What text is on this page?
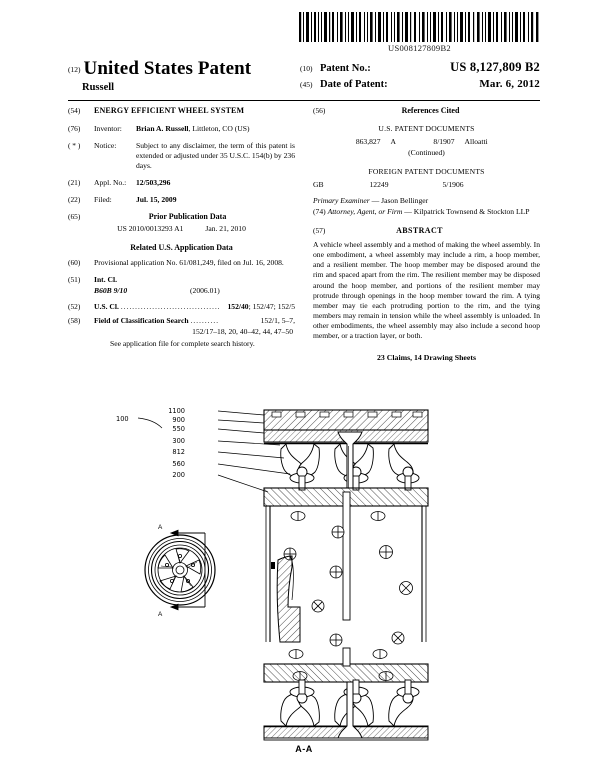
US008127809B2
(12) United States Patent
Russell
(10) Patent No.:	US 8,127,809 B2
(45) Date of Patent:	Mar. 6, 2012
(54)	ENERGY EFFICIENT WHEEL SYSTEM
(76)	Inventor:	Brian A. Russell, Littleton, CO (US)
( * )	Notice:	Subject to any disclaimer, the term of this patent is extended or adjusted under 35 U.S.C. 154(b) by 236 days.
(21)	Appl. No.:	12/503,296
(22)	Filed:	Jul. 15, 2009
(65)	Prior Publication Data
US 2010/0013293 A1	Jan. 21, 2010
Related U.S. Application Data
(60)	Provisional application No. 61/081,249, filed on Jul. 16, 2008.
(51)	Int. Cl.
B60B 9/10	(2006.01)
(52)	U.S. Cl. ................................... 152/40 ; 152/47; 152/5
(58)	Field of Classification Search ..........	152/1, 5–7,
152/17–18, 20, 40–42, 44, 47–50
See application file for complete search history.
(56)	References Cited
U.S. PATENT DOCUMENTS
863,827 A	8/1907 Alloatti
(Continued)
FOREIGN PATENT DOCUMENTS
GB	12249	5/1906
Primary Examiner — Jason Bellinger
(74) Attorney, Agent, or Firm — Kilpatrick Townsend & Stockton LLP
(57)	ABSTRACT
A vehicle wheel assembly and a method of making the wheel assembly. In one embodiment, a wheel assembly may include a rim, a hoop member, and a resilient member. The hoop member may be disposed around the rim and spaced apart from the rim. The resilient member may be disposed around the hoop member, and portions of the resilient member may protrude through openings in the hoop member toward the rim. A tying member may tie each protruding portion to the rim, and the tying members may remain in tension while the wheel assembly is unloaded. In other embodiments, the wheel assembly may also include a second hoop member, or a traction layer, or both.
23 Claims, 14 Drawing Sheets
A
A
1100
900
550
300
812
560
200
100
A-A
